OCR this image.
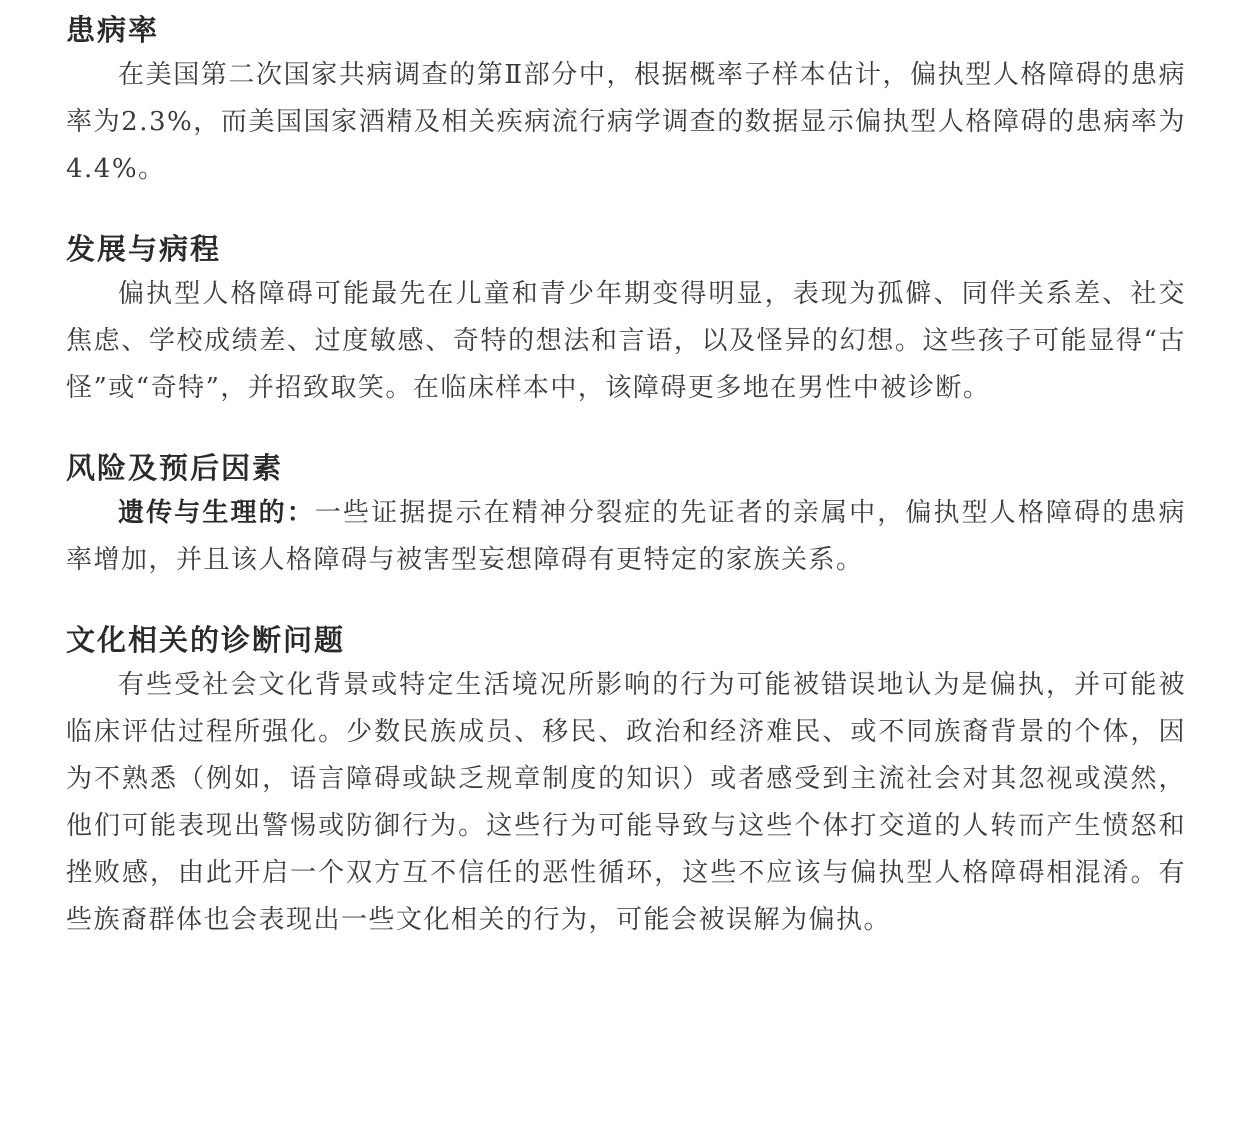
患病率

在美国第二次国家共病调查的第Ⅱ部分中，根据概率子样本估计，偏执型人格障碍的患病率为2.3%，而美国国家酒精及相关疾病流行病学调查的数据显示偏执型人格障碍的患病率为4.4%。

发展与病程

偏执型人格障碍可能最先在儿童和青少年期变得明显，表现为孤僻、同伴关系差、社交焦虑、学校成绩差、过度敏感、奇特的想法和言语，以及怪异的幻想。这些孩子可能显得“古怪”或“奇特”，并招致取笑。在临床样本中，该障碍更多地在男性中被诊断。

风险及预后因素

遗传与生理的：一些证据提示在精神分裂症的先证者的亲属中，偏执型人格障碍的患病率增加，并且该人格障碍与被害型妄想障碍有更特定的家族关系。

文化相关的诊断问题

有些受社会文化背景或特定生活境况所影响的行为可能被错误地认为是偏执，并可能被临床评估过程所强化。少数民族成员、移民、政治和经济难民、或不同族裔背景的个体，因为不熟悉（例如，语言障碍或缺乏规章制度的知识）或者感受到主流社会对其忽视或漠然，他们可能表现出警惕或防御行为。这些行为可能导致与这些个体打交道的人转而产生愤怒和挫败感，由此开启一个双方互不信任的恶性循环，这些不应该与偏执型人格障碍相混淆。有些族裔群体也会表现出一些文化相关的行为，可能会被误解为偏执。
